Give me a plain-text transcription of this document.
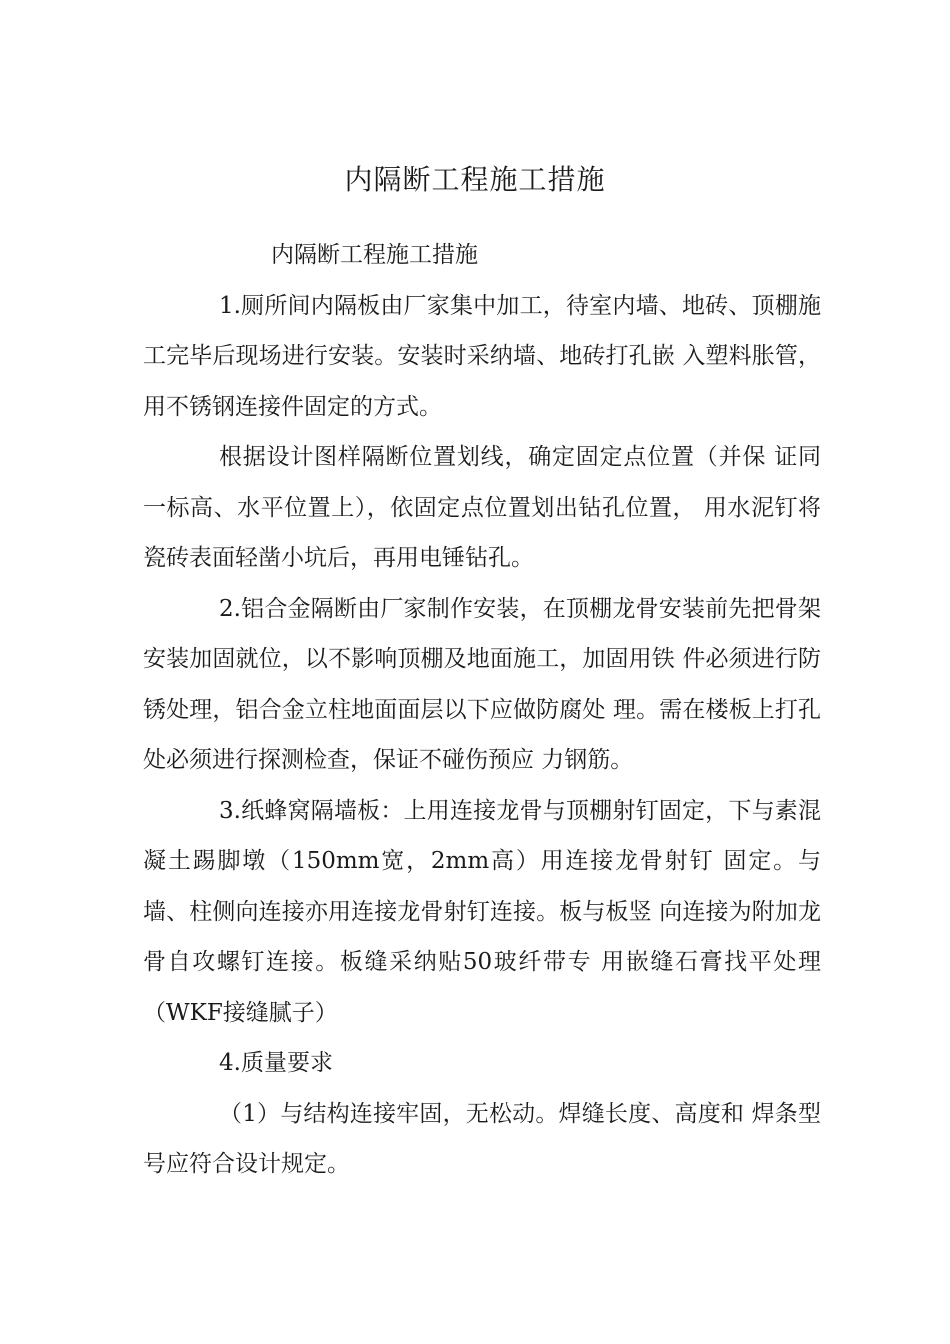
内隔断工程施工措施

内隔断工程施工措施

1.厕所间内隔板由厂家集中加工，待室内墙、地砖、顶棚施工完毕后现场进行安装。安装时采纳墙、地砖打孔嵌 入塑料胀管，用不锈钢连接件固定的方式。

根据设计图样隔断位置划线，确定固定点位置（并保 证同一标高、水平位置上），依固定点位置划出钻孔位置， 用水泥钉将瓷砖表面轻凿小坑后，再用电锤钻孔。

2.铝合金隔断由厂家制作安装，在顶棚龙骨安装前先把骨架安装加固就位，以不影响顶棚及地面施工，加固用铁 件必须进行防锈处理，铝合金立柱地面面层以下应做防腐处 理。需在楼板上打孔处必须进行探测检查，保证不碰伤预应 力钢筋。

3.纸蜂窝隔墙板：上用连接龙骨与顶棚射钉固定，下与素混凝土踢脚墩（150mm宽，2mm高）用连接龙骨射钉 固定。与墙、柱侧向连接亦用连接龙骨射钉连接。板与板竖 向连接为附加龙骨自攻螺钉连接。板缝采纳贴50玻纤带专 用嵌缝石膏找平处理（WKF接缝腻子）

4.质量要求

（1）与结构连接牢固，无松动。焊缝长度、高度和 焊条型号应符合设计规定。
